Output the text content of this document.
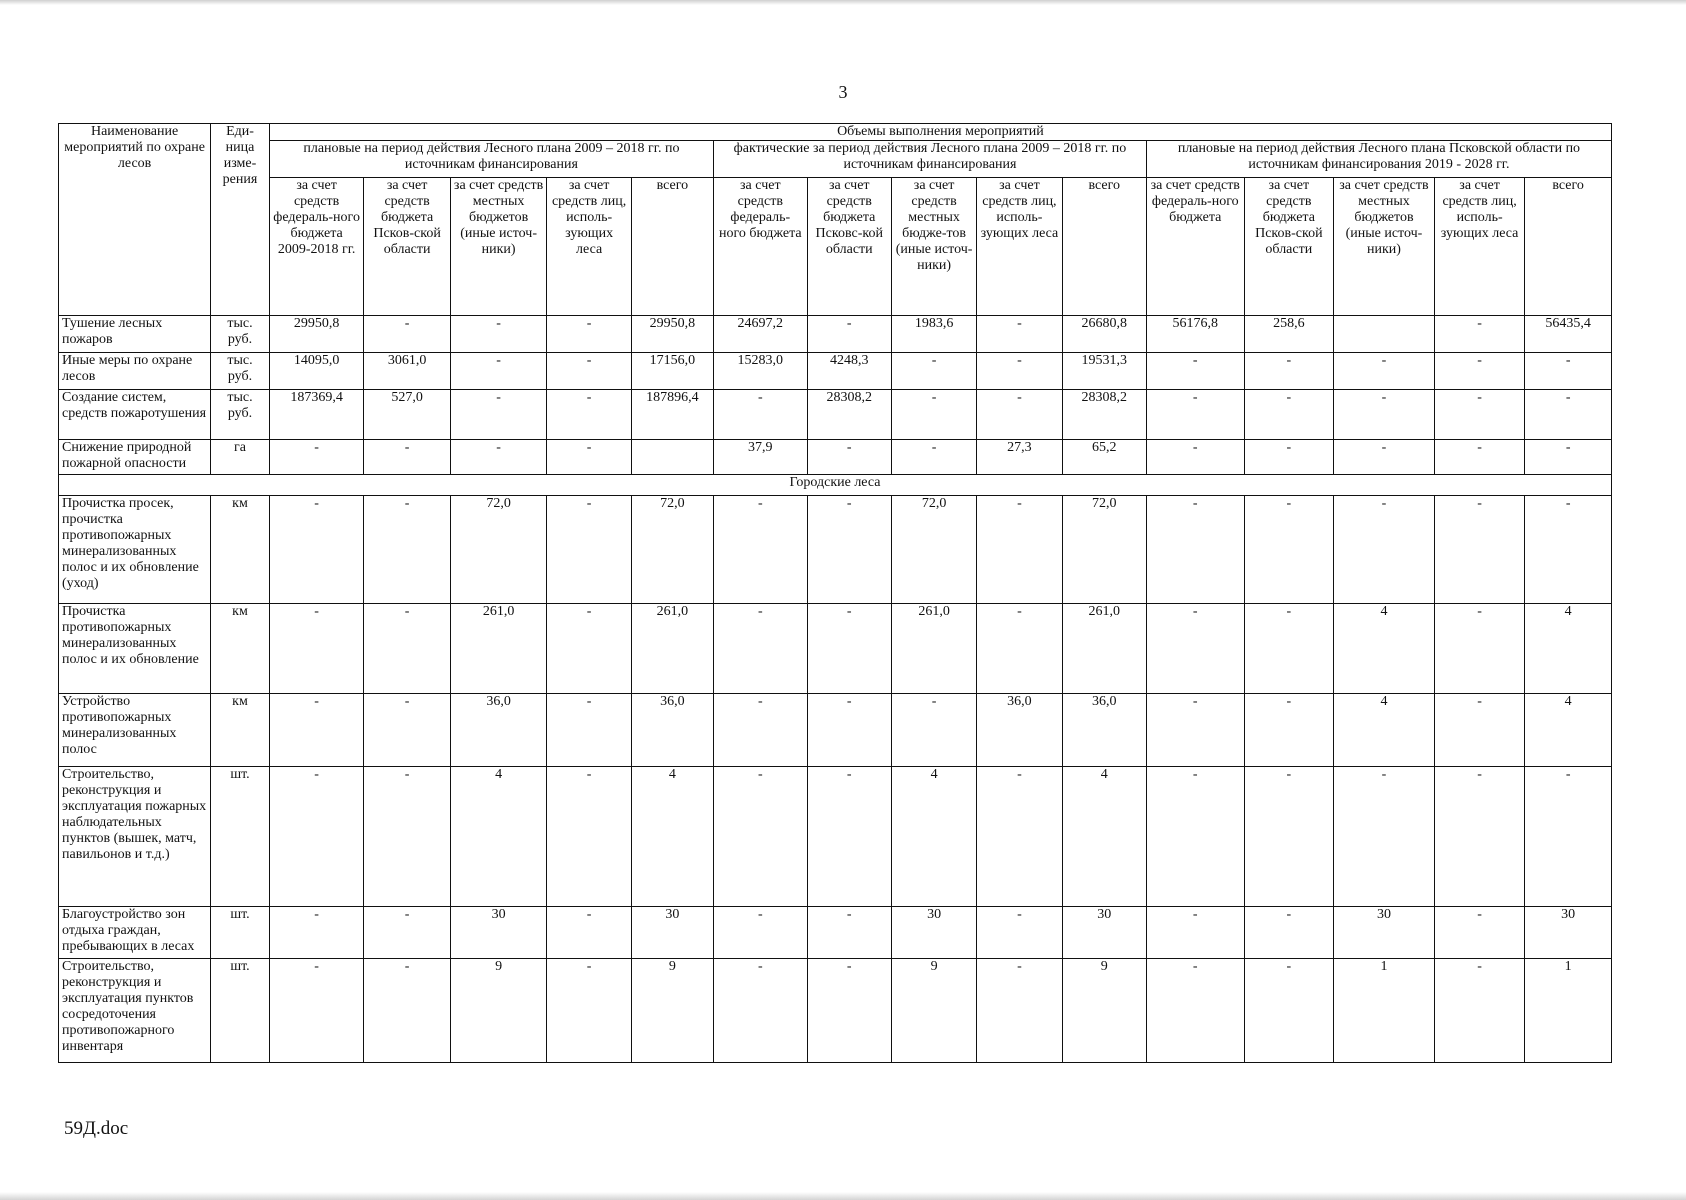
3
Наименование мероприятий по охране лесов	Еди-ница изме-рения	Объемы выполнения мероприятий														
		плановые на период действия Лесного плана 2009 – 2018 гг. по источникам финансирования					фактические за период действия Лесного плана 2009 – 2018 гг. по источникам финансирования					плановые на период действия Лесного плана Псковской области по источникам финансирования 2019 - 2028 гг.				
		за счет средств федераль-ного бюджета 2009-2018 гг.	за счет средств бюджета Псков-ской области	за счет средств местных бюджетов (иные источ-ники)	за счет средств лиц, исполь-зующих леса	всего	за счет средств федераль-ного бюджета	за счет средств бюджета Псковс-кой области	за счет средств местных бюдже-тов (иные источ-ники)	за счет средств лиц, исполь-зующих леса	всего	за счет средств федераль-ного бюджета	за счет средств бюджета Псков-ской области	за счет средств местных бюджетов (иные источ-ники)	за счет средств лиц, исполь-зующих леса	всего
Тушение лесных пожаров	тыс. руб.	29950,8	-	-	-	29950,8	24697,2	-	1983,6	-	26680,8	56176,8	258,6		-	56435,4
Иные меры по охране лесов	тыс. руб.	14095,0	3061,0	-	-	17156,0	15283,0	4248,3	-	-	19531,3	-	-	-	-	-
Создание систем, средств пожаротушения	тыс. руб.	187369,4	527,0	-	-	187896,4	-	28308,2	-	-	28308,2	-	-	-	-	-
Снижение природной пожарной опасности	га	-	-	-	-		37,9	-	-	27,3	65,2	-	-	-	-	-
Городские леса																
Прочистка просек, прочистка противопожарных минерализованных полос и их обновление (уход)	км	-	-	72,0	-	72,0	-	-	72,0	-	72,0	-	-	-	-	-
Прочистка противопожарных минерализованных полос и их обновление	км	-	-	261,0	-	261,0	-	-	261,0	-	261,0	-	-	4	-	4
Устройство противопожарных минерализованных полос	км	-	-	36,0	-	36,0	-	-	-	36,0	36,0	-	-	4	-	4
Строительство, реконструкция и эксплуатация пожарных наблюдательных пунктов (вышек, матч, павильонов и т.д.)	шт.	-	-	4	-	4	-	-	4	-	4	-	-	-	-	-
Благоустройство зон отдыха граждан, пребывающих в лесах	шт.	-	-	30	-	30	-	-	30	-	30	-	-	30	-	30
Строительство, реконструкция и эксплуатация пунктов сосредоточения противопожарного инвентаря	шт.	-	-	9	-	9	-	-	9	-	9	-	-	1	-	1
59Д.doc
